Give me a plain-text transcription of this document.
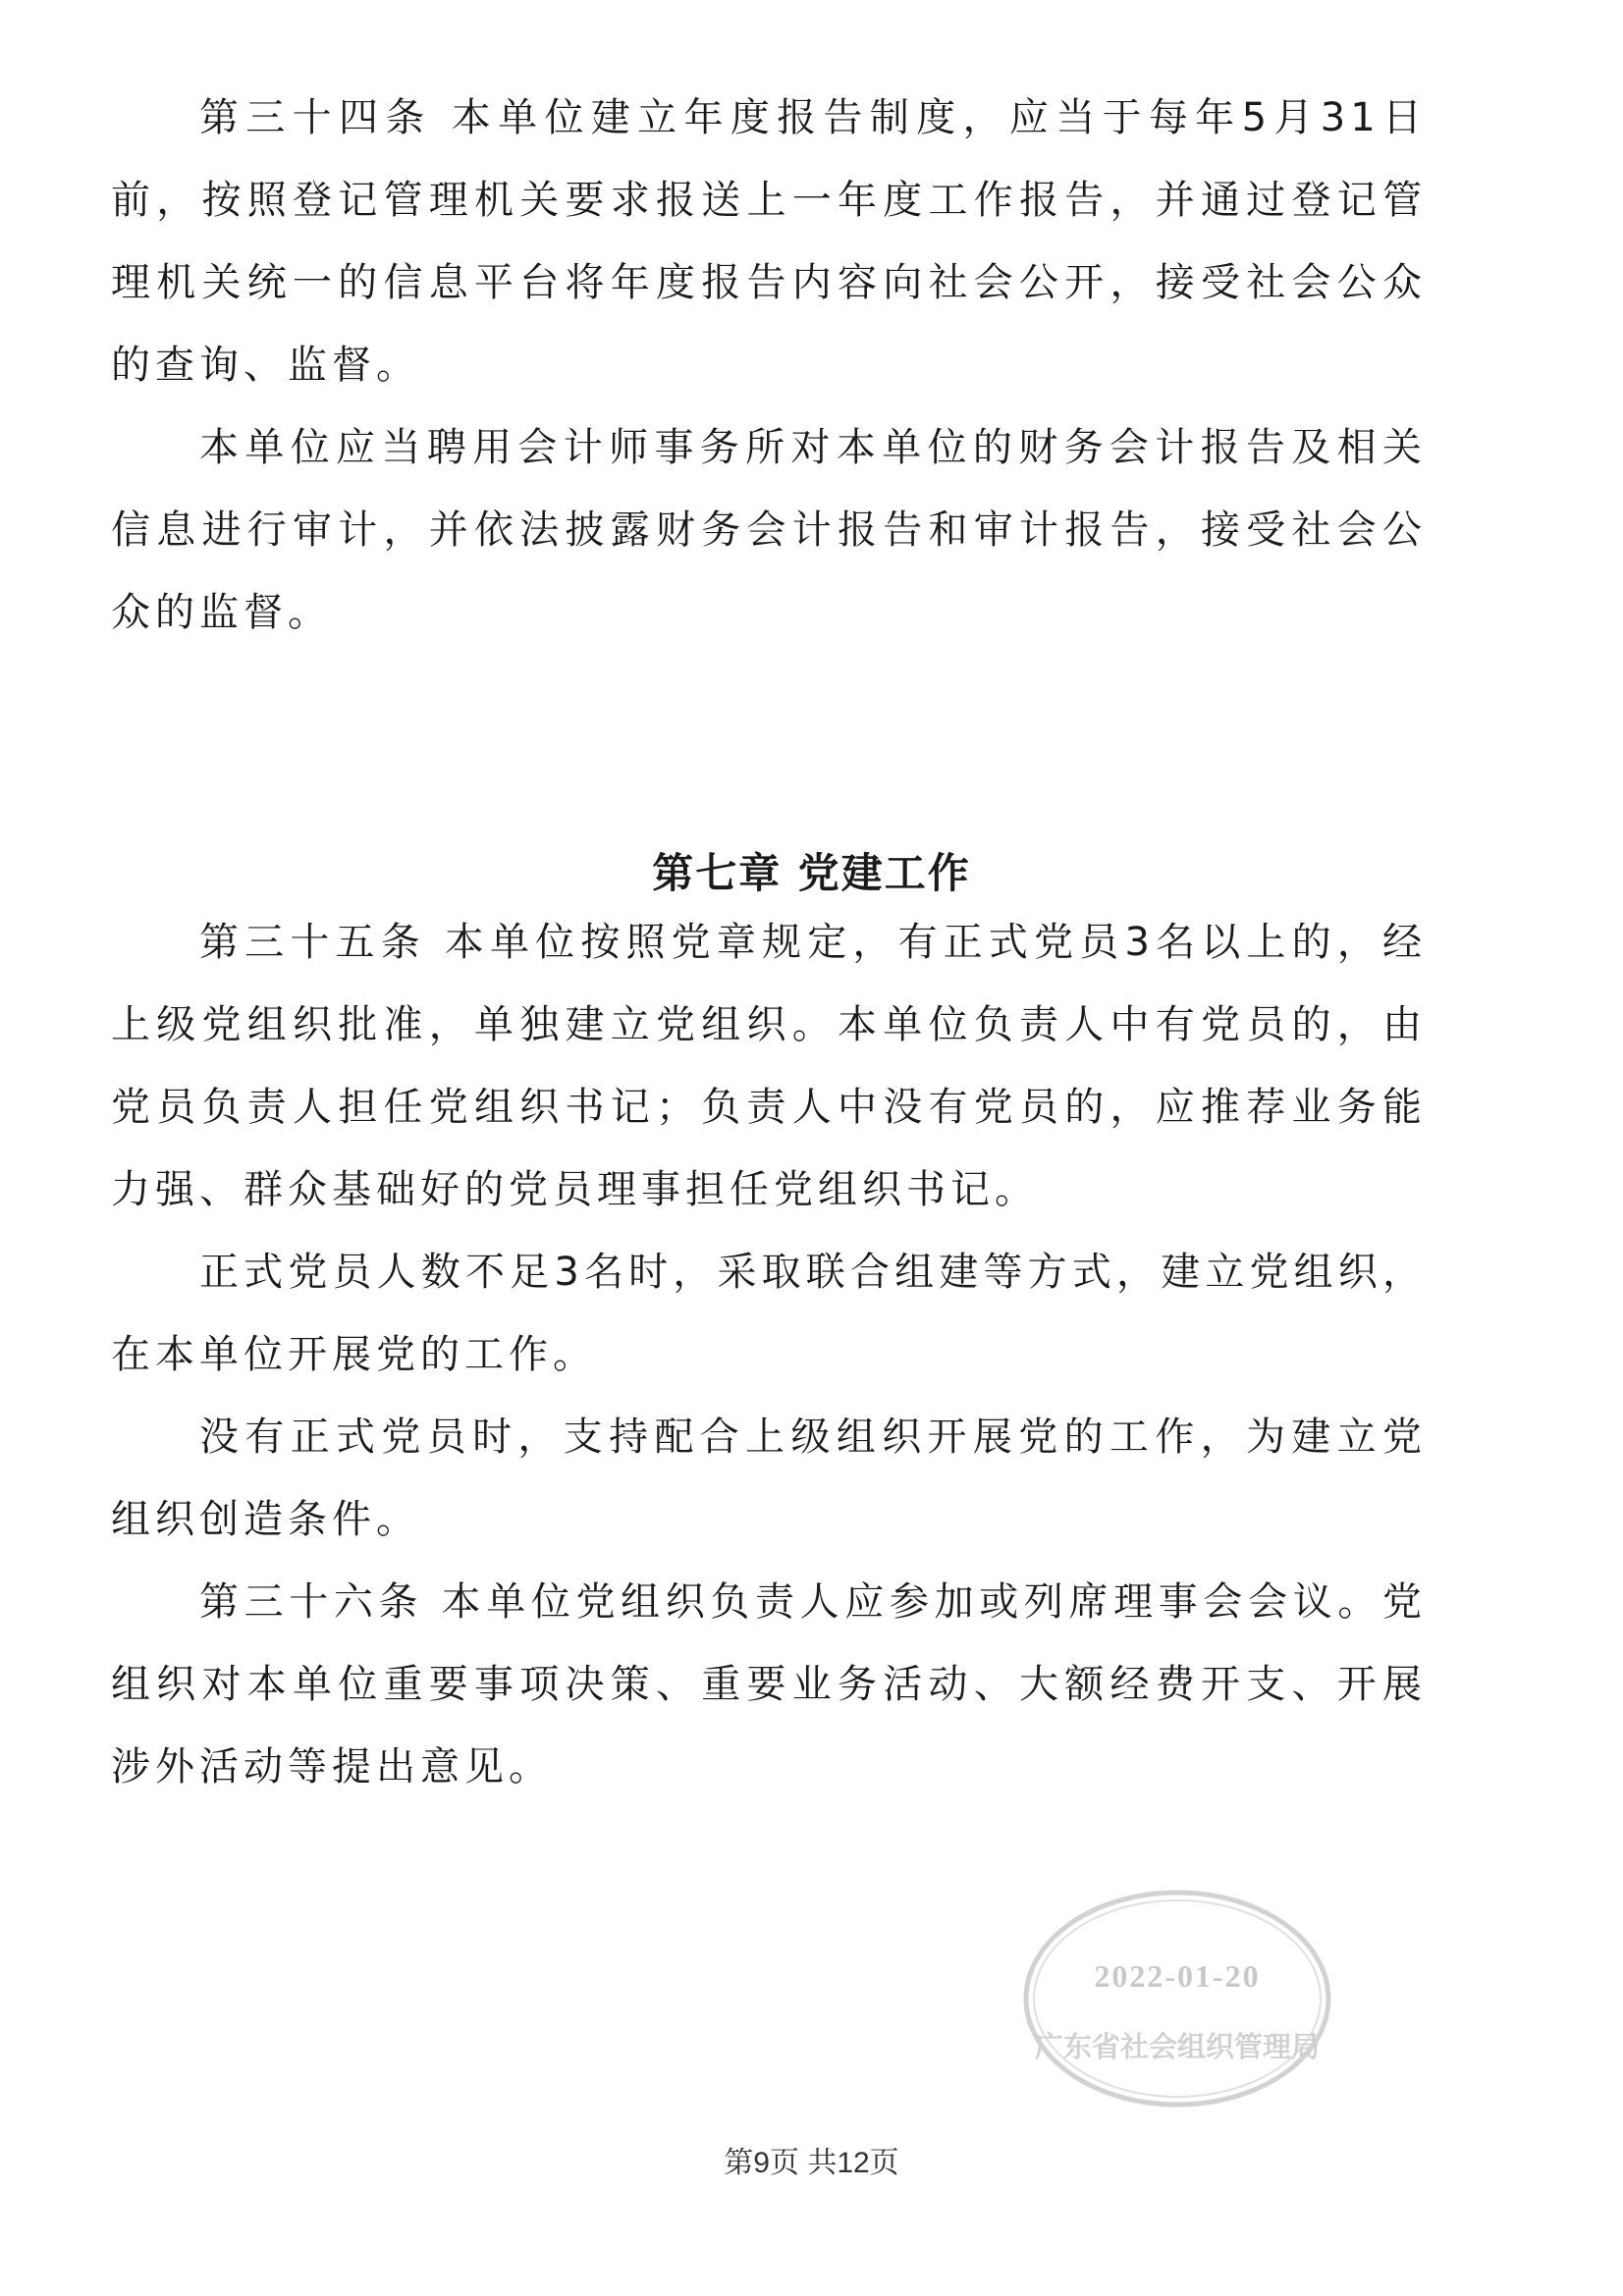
第三十四条 本单位建立年度报告制度，应当于每年5月31日前，按照登记管理机关要求报送上一年度工作报告，并通过登记管理机关统一的信息平台将年度报告内容向社会公开，接受社会公众的查询、监督。

本单位应当聘用会计师事务所对本单位的财务会计报告及相关信息进行审计，并依法披露财务会计报告和审计报告，接受社会公众的监督。

第七章 党建工作

第三十五条 本单位按照党章规定，有正式党员3名以上的，经上级党组织批准，单独建立党组织。本单位负责人中有党员的，由党员负责人担任党组织书记；负责人中没有党员的，应推荐业务能力强、群众基础好的党员理事担任党组织书记。

正式党员人数不足3名时，采取联合组建等方式，建立党组织，在本单位开展党的工作。

没有正式党员时，支持配合上级组织开展党的工作，为建立党组织创造条件。

第三十六条 本单位党组织负责人应参加或列席理事会会议。党组织对本单位重要事项决策、重要业务活动、大额经费开支、开展涉外活动等提出意见。

2022-01-20
广东省社会组织管理局
第9页 共12页
